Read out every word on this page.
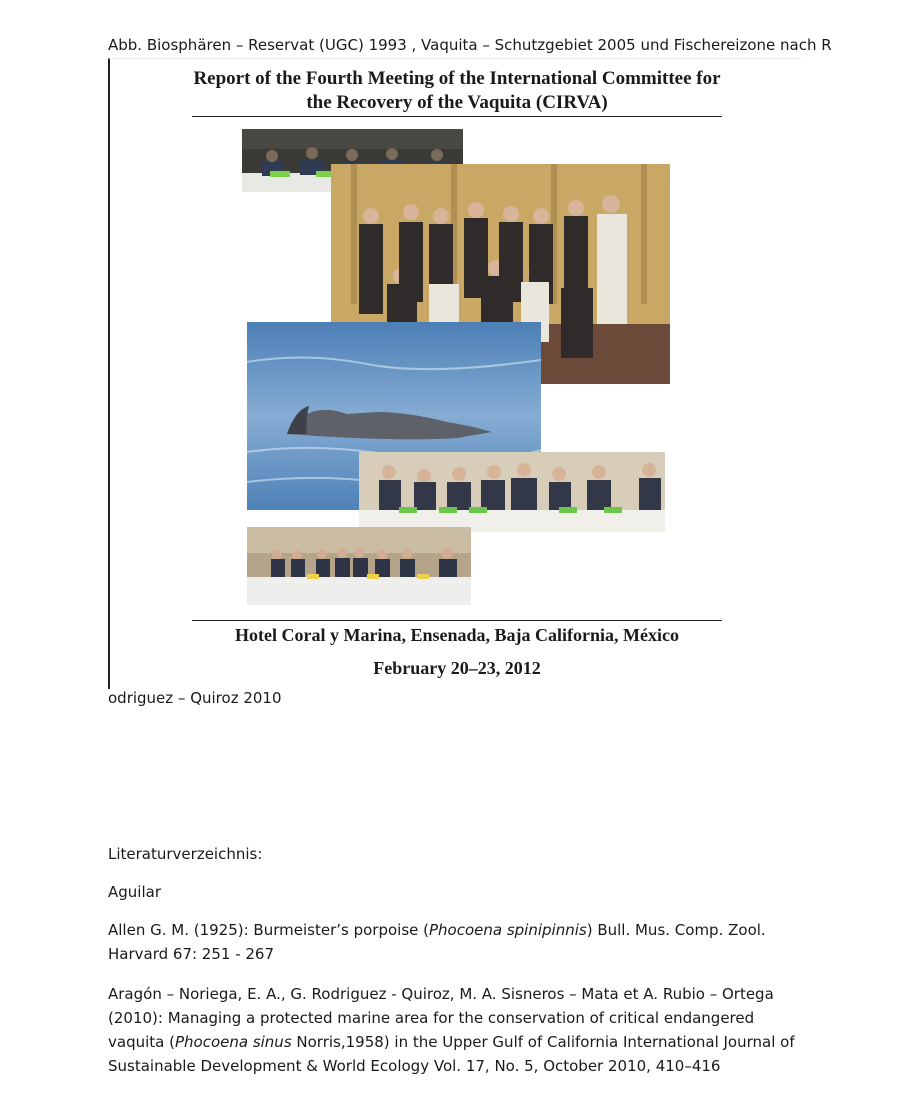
Abb. Biosphären – Reservat (UGC) 1993 , Vaquita – Schutzgebiet 2005 und Fischereizone nach R

Report of the Fourth Meeting of the International Committee for
the Recovery of the Vaquita (CIRVA)

Hotel Coral y Marina, Ensenada, Baja California, México

February 20–23, 2012

odriguez – Quiroz 2010

Literaturverzeichnis:

Aguilar

Allen G. M. (1925): Burmeister’s porpoise (Phocoena spinipinnis) Bull. Mus. Comp. Zool. Harvard 67: 251 - 267

Aragón – Noriega, E. A., G. Rodriguez - Quiroz, M. A. Sisneros – Mata et A. Rubio – Ortega (2010): Managing a protected marine area for the conservation of critical endangered vaquita (Phocoena sinus Norris,1958) in the Upper Gulf of California International Journal of Sustainable Development & World Ecology Vol. 17, No. 5, October 2010, 410–416
